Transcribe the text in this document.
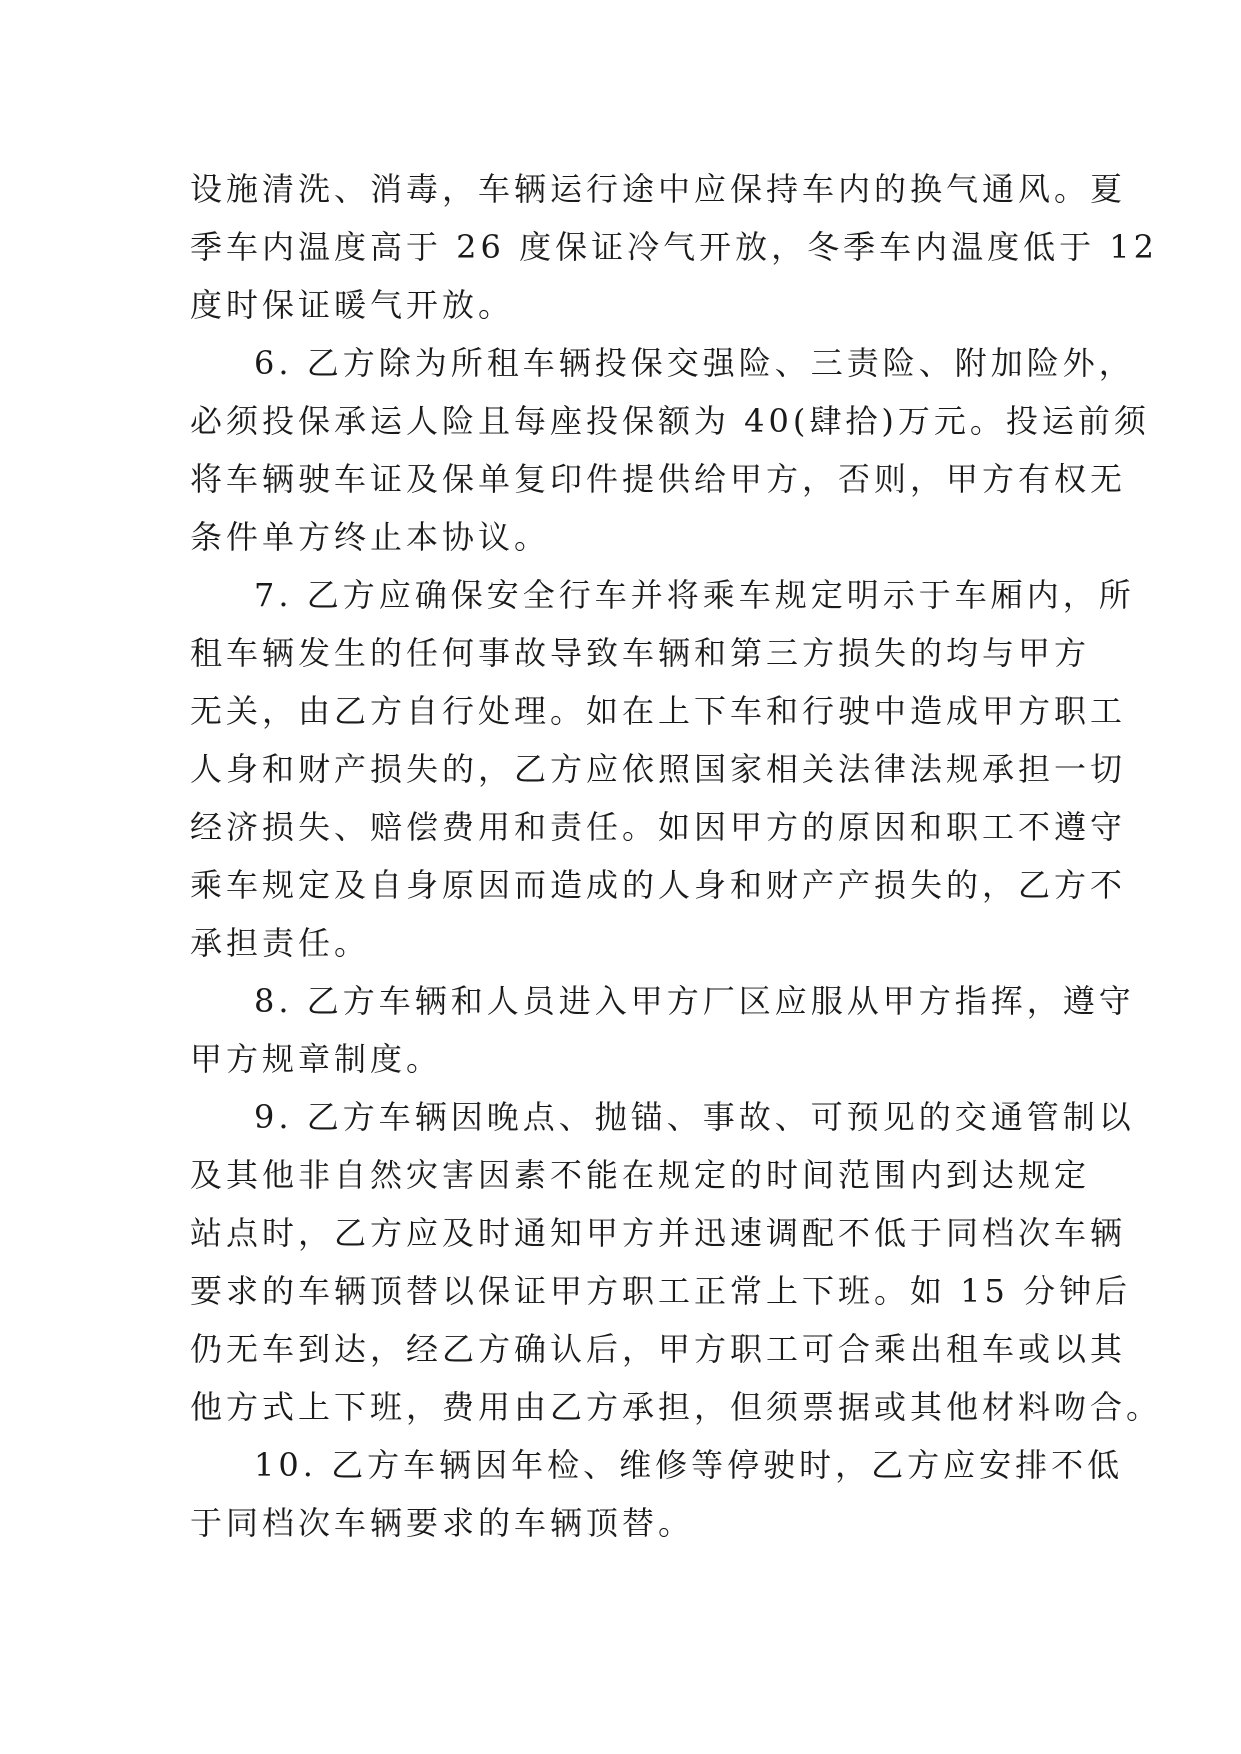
设施清洗、消毒，车辆运行途中应保持车内的换气通风。夏
季车内温度高于 26 度保证冷气开放，冬季车内温度低于 12
度时保证暖气开放。

6. 乙方除为所租车辆投保交强险、三责险、附加险外，
必须投保承运人险且每座投保额为 40(肆拾)万元。投运前须
将车辆驶车证及保单复印件提供给甲方，否则，甲方有权无
条件单方终止本协议。

7. 乙方应确保安全行车并将乘车规定明示于车厢内，所
租车辆发生的任何事故导致车辆和第三方损失的均与甲方
无关，由乙方自行处理。如在上下车和行驶中造成甲方职工
人身和财产损失的，乙方应依照国家相关法律法规承担一切
经济损失、赔偿费用和责任。如因甲方的原因和职工不遵守
乘车规定及自身原因而造成的人身和财产产损失的，乙方不
承担责任。

8. 乙方车辆和人员进入甲方厂区应服从甲方指挥，遵守
甲方规章制度。

9. 乙方车辆因晚点、抛锚、事故、可预见的交通管制以
及其他非自然灾害因素不能在规定的时间范围内到达规定
站点时，乙方应及时通知甲方并迅速调配不低于同档次车辆
要求的车辆顶替以保证甲方职工正常上下班。如 15 分钟后
仍无车到达，经乙方确认后，甲方职工可合乘出租车或以其
他方式上下班，费用由乙方承担，但须票据或其他材料吻合。

10. 乙方车辆因年检、维修等停驶时，乙方应安排不低
于同档次车辆要求的车辆顶替。
